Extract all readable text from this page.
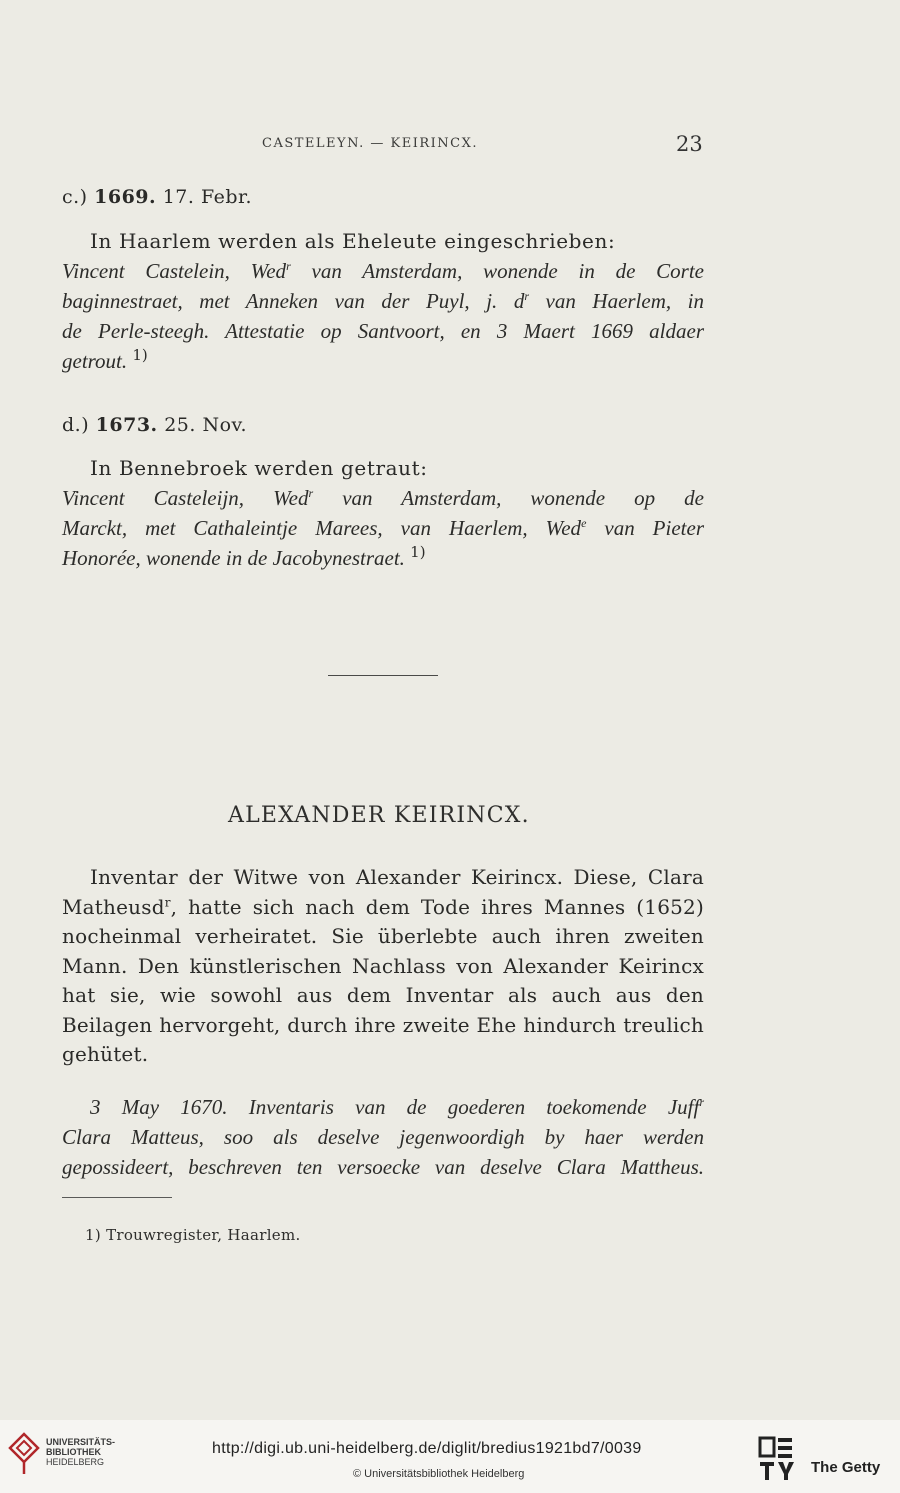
CASTELEYN. — KEIRINCX.	23
c.) 1669. 17. Febr.
In Haarlem werden als Eheleute eingeschrieben:
Vincent Castelein, Wed$^r$ van Amsterdam, wonende in de Corte
baginnestraet, met Anneken van der Puyl, j. $d^r$ van Haerlem, in
de Perle-steegh. Attestatie op Santvoort, en 3 Maert 1669 aldaer
getrout. $^{1)}$
d.) 1673. 25. Nov.
In Bennebroek werden getraut:
Vincent Casteleijn, Wed$^r$ van Amsterdam, wonende op de
Marckt, met Cathaleintje Marees, van Haerlem, Wed$^e$ van Pieter
Honorée, wonende in de Jacobynestraet. $^{1)}$
ALEXANDER KEIRINCX.
Inventar der Witwe von Alexander Keirincx. Diese, Clara
Matheusd$^r$, hatte sich nach dem Tode ihres Mannes (1652)
nocheinmal verheiratet. Sie überlebte auch ihren zweiten
Mann. Den künstlerischen Nachlass von Alexander Keirincx
hat sie, wie sowohl aus dem Inventar als auch aus den
Beilagen hervorgeht, durch ihre zweite Ehe hindurch treulich
gehütet.
3 May 1670. Inventaris van de goederen toekomende Juff$^r$
Clara Matteus, soo als deselve jegenwoordigh by haer werden
gepossideert, beschreven ten versoecke van deselve Clara Mattheus.
1) Trouwregister, Haarlem.
UNIVERSITÄTS-
BIBLIOTHEK
HEIDELBERG
http://digi.ub.uni-heidelberg.de/diglit/bredius1921bd7/0039
© Universitätsbibliothek Heidelberg	The Getty
